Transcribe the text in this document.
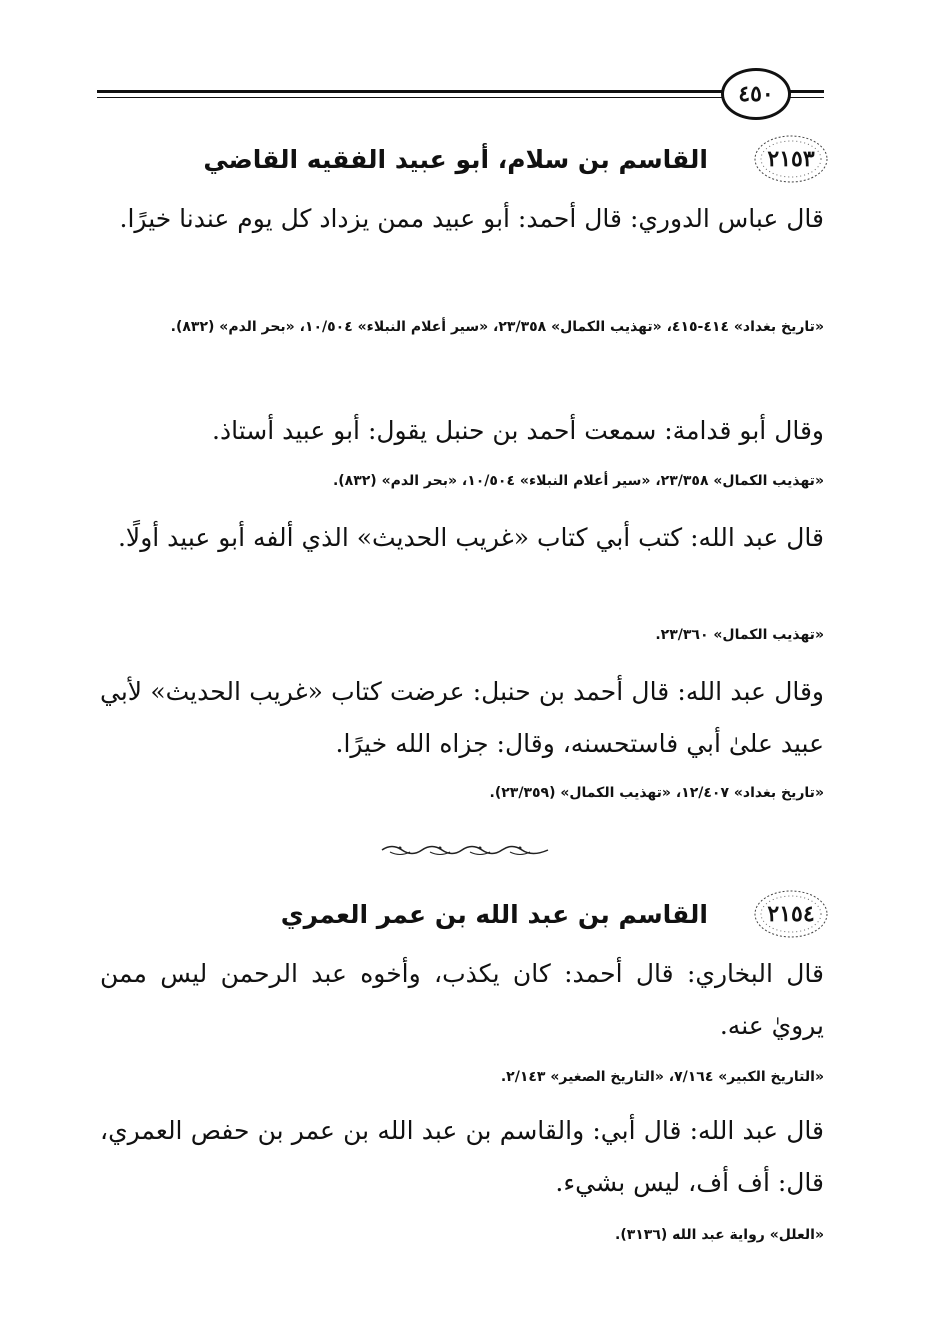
٤٥٠
٢١٥٣
القاسم بن سلام، أبو عبيد الفقيه القاضي

قال عباس الدوري: قال أحمد: أبو عبيد ممن يزداد كل يوم عندنا خيرًا.

«تاريخ بغداد» ٤١٤-٤١٥، «تهذيب الكمال» ٢٣/٣٥٨، «سير أعلام النبلاء» ١٠/٥٠٤، «بحر الدم» (٨٣٢).

وقال أبو قدامة: سمعت أحمد بن حنبل يقول: أبو عبيد أستاذ.

«تهذيب الكمال» ٢٣/٣٥٨، «سير أعلام النبلاء» ١٠/٥٠٤، «بحر الدم» (٨٣٢).

قال عبد الله: كتب أبي كتاب «غريب الحديث» الذي ألفه أبو عبيد أولًا.

«تهذيب الكمال» ٢٣/٣٦٠.

وقال عبد الله: قال أحمد بن حنبل: عرضت كتاب «غريب الحديث» لأبي عبيد علىٰ أبي فاستحسنه، وقال: جزاه الله خيرًا.

«تاريخ بغداد» ١٢/٤٠٧، «تهذيب الكمال» (٢٣/٣٥٩).

٢١٥٤
القاسم بن عبد الله بن عمر العمري

قال البخاري: قال أحمد: كان يكذب، وأخوه عبد الرحمن ليس ممن يرويٰ عنه.

«التاريخ الكبير» ٧/١٦٤، «التاريخ الصغير» ٢/١٤٣.

قال عبد الله: قال أبي: والقاسم بن عبد الله بن عمر بن حفص العمري، قال: أف أف، ليس بشيء.

«العلل» رواية عبد الله (٣١٣٦).
